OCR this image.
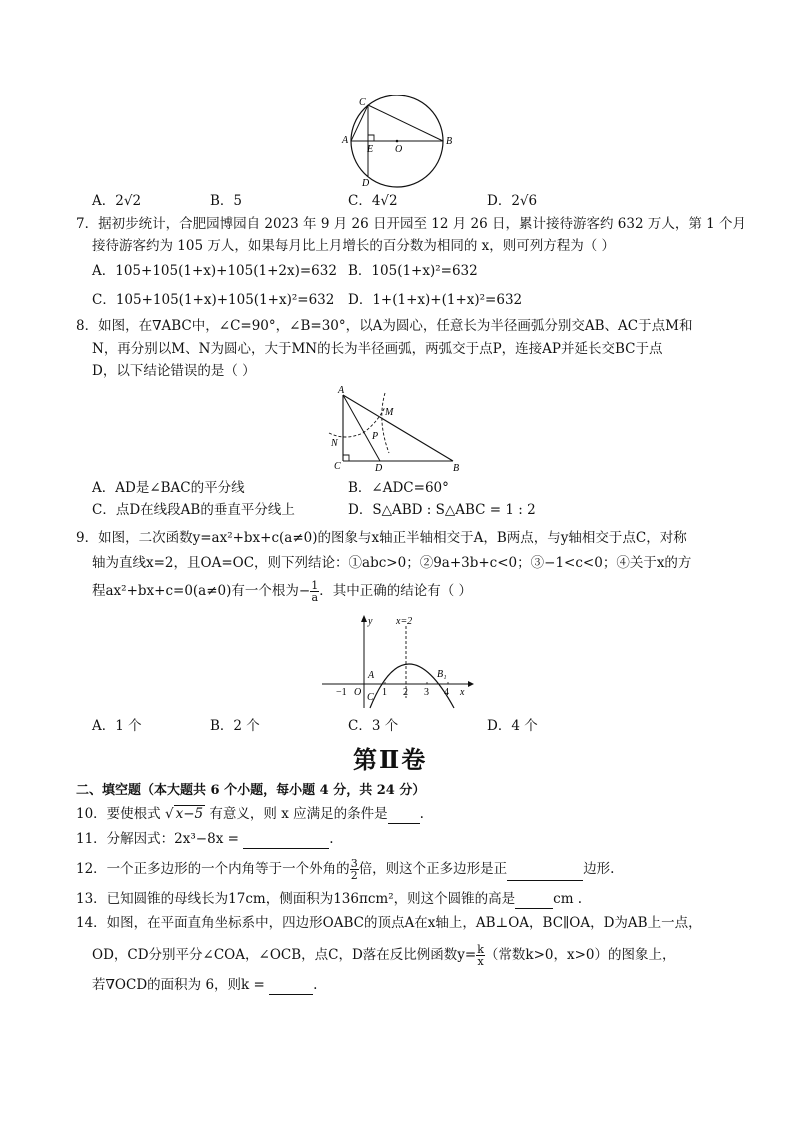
C
A
E O
B
D
A．2√2	B．5	C．4√2	D．2√6
7．据初步统计，合肥园博园自 2023 年 9 月 26 日开园至 12 月 26 日，累计接待游客约 632 万人，第 1 个月
接待游客约为 105 万人，如果每月比上月增长的百分数为相同的 x，则可列方程为（ ）
A．105+105(1+x)+105(1+2x)=632 B．105(1+x)²=632
C．105+105(1+x)+105(1+x)²=632 D．1+(1+x)+(1+x)²=632
8．如图，在∇ABC中，∠C=90°，∠B=30°，以A为圆心，任意长为半径画弧分别交AB、AC于点M和
N，再分别以M、N为圆心，大于MN的长为半径画弧，两弧交于点P，连接AP并延长交BC于点
D，以下结论错误的是（ ）
A
M
N
P
C	D	B
A．AD是∠BAC的平分线	B．∠ADC=60°
C．点D在线段AB的垂直平分线上	D．S△ABD : S△ABC = 1 : 2
9．如图，二次函数y=ax²+bx+c(a≠0)的图象与x轴正半轴相交于A，B两点，与y轴相交于点C，对称
轴为直线x=2，且OA=OC，则下列结论：①abc>0；②9a+3b+c<0；③−1<c<0；④关于x的方
程ax²+bx+c=0(a≠0)有一个根为− $\frac{1}{a}$ ．其中正确的结论有（ ）
y x=2
A	B₁
−1 O 1 2 3 4 x
C
A．1 个	B．2 个	C．3 个	D．4 个
第Ⅱ卷
二、填空题（本大题共 6 个小题，每小题 4 分，共 24 分）
10．要使根式 √ x−5 有意义，则 x 应满足的条件是 .
11．分解因式：2x³−8x =	.
12．一个正多边形的一个内角等于一个外角的 $\frac{3}{2}$ 倍，则这个正多边形是正	边形.
13．已知圆锥的母线长为17cm，侧面积为136πcm²，则这个圆锥的高是	cm .
14．如图，在平面直角坐标系中，四边形OABC的顶点A在x轴上，AB⊥OA，BC∥OA，D为AB上一点，
OD，CD分别平分∠COA，∠OCB，点C，D落在反比例函数$y= \frac{k}{x}$ （常数k>0，x>0）的图象上，
若∇OCD的面积为 6，则k =	.
